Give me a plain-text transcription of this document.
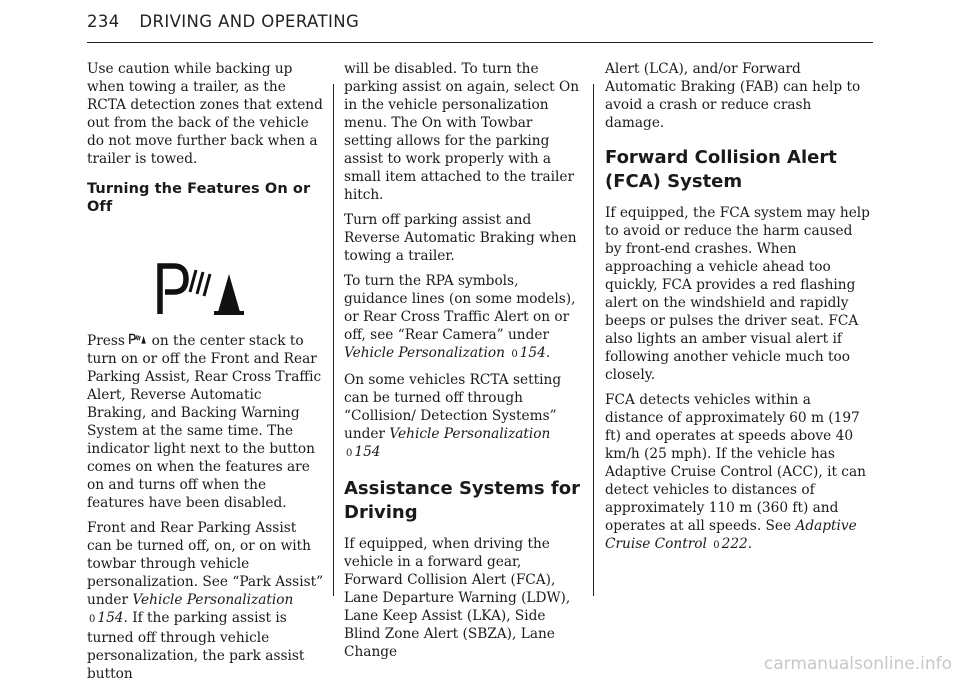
234 DRIVING AND OPERATING

Use caution while backing up when towing a trailer, as the RCTA detection zones that extend out from the back of the vehicle do not move further back when a trailer is towed.

Turning the Features On or Off

Press on the center stack to turn on or off the Front and Rear Parking Assist, Rear Cross Traffic Alert, Reverse Automatic Braking, and Backing Warning System at the same time. The indicator light next to the button comes on when the features are on and turns off when the features have been disabled.

Front and Rear Parking Assist can be turned off, on, or on with towbar through vehicle personalization. See “Park Assist” under Vehicle Personalization 0 154. If the parking assist is turned off through vehicle personalization, the park assist button

will be disabled. To turn the parking assist on again, select On in the vehicle personalization menu. The On with Towbar setting allows for the parking assist to work properly with a small item attached to the trailer hitch.

Turn off parking assist and Reverse Automatic Braking when towing a trailer.

To turn the RPA symbols, guidance lines (on some models), or Rear Cross Traffic Alert on or off, see “Rear Camera” under Vehicle Personalization 0 154.

On some vehicles RCTA setting can be turned off through “Collision/ Detection Systems” under Vehicle Personalization 0 154

Assistance Systems for Driving

If equipped, when driving the vehicle in a forward gear, Forward Collision Alert (FCA), Lane Departure Warning (LDW), Lane Keep Assist (LKA), Side Blind Zone Alert (SBZA), Lane Change

Alert (LCA), and/or Forward Automatic Braking (FAB) can help to avoid a crash or reduce crash damage.

Forward Collision Alert (FCA) System

If equipped, the FCA system may help to avoid or reduce the harm caused by front-end crashes. When approaching a vehicle ahead too quickly, FCA provides a red flashing alert on the windshield and rapidly beeps or pulses the driver seat. FCA also lights an amber visual alert if following another vehicle much too closely.

FCA detects vehicles within a distance of approximately 60 m (197 ft) and operates at speeds above 40 km/h (25 mph). If the vehicle has Adaptive Cruise Control (ACC), it can detect vehicles to distances of approximately 110 m (360 ft) and operates at all speeds. See Adaptive Cruise Control 0 222.

carmanualsonline.info
